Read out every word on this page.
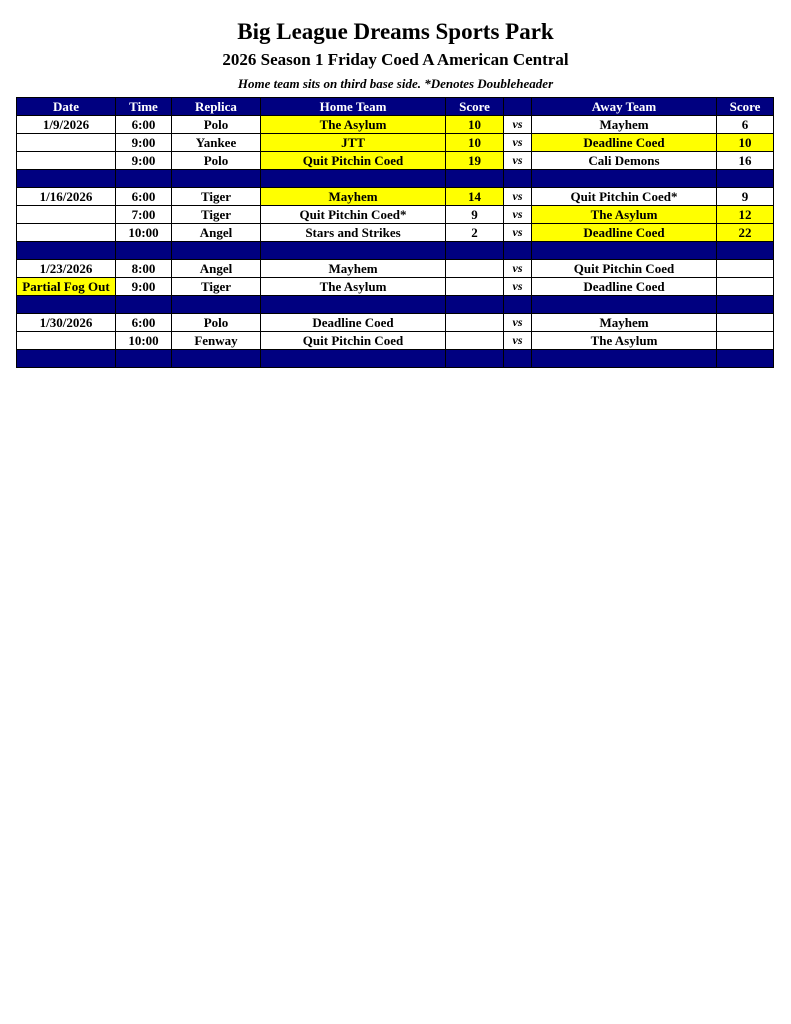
Big League Dreams Sports Park
2026 Season 1 Friday Coed A American Central
Home team sits on third base side. *Denotes Doubleheader
Date	Time	Replica	Home Team	Score		Away Team	Score
1/9/2026	6:00	Polo	The Asylum	10	vs	Mayhem	6
	9:00	Yankee	JTT	10	vs	Deadline Coed	10
	9:00	Polo	Quit Pitchin Coed	19	vs	Cali Demons	16

1/16/2026	6:00	Tiger	Mayhem	14	vs	Quit Pitchin Coed*	9
	7:00	Tiger	Quit Pitchin Coed*	9	vs	The Asylum	12
	10:00	Angel	Stars and Strikes	2	vs	Deadline Coed	22

1/23/2026	8:00	Angel	Mayhem		vs	Quit Pitchin Coed	
Partial Fog Out	9:00	Tiger	The Asylum		vs	Deadline Coed	

1/30/2026	6:00	Polo	Deadline Coed		vs	Mayhem	
	10:00	Fenway	Quit Pitchin Coed		vs	The Asylum	
